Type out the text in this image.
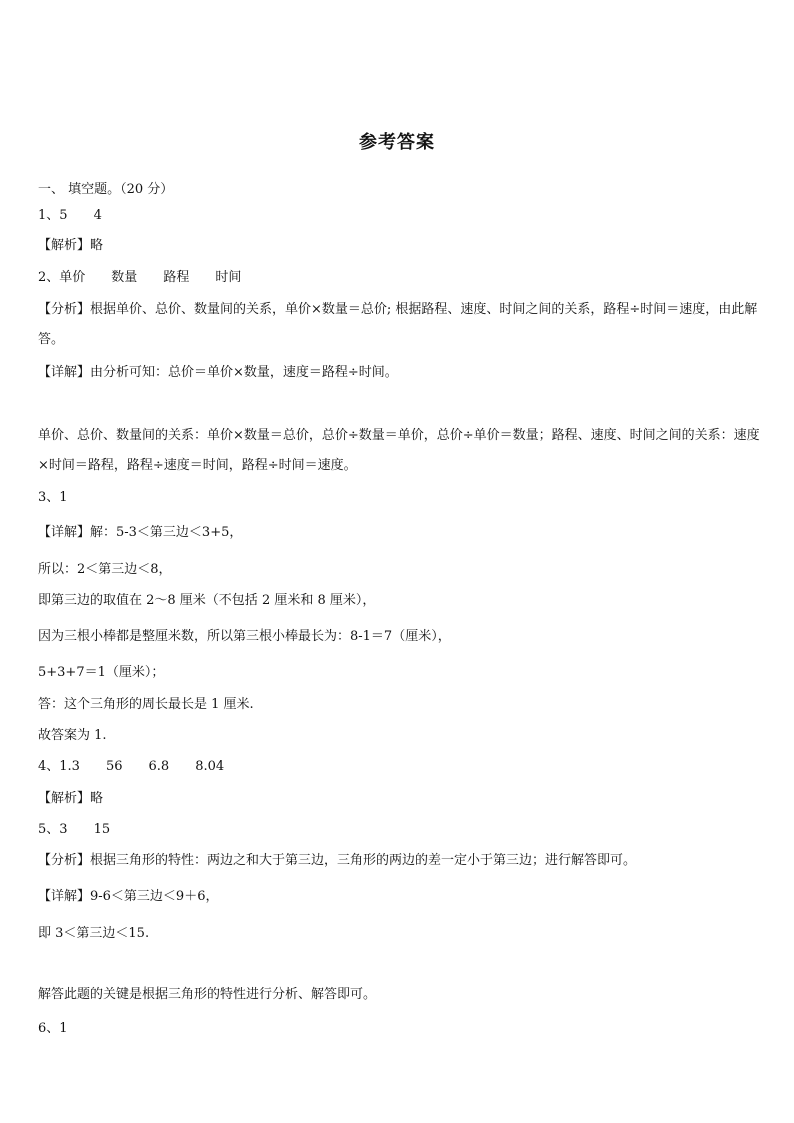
参考答案
一、 填空题。（20 分）
1、5 4
【解析】略
2、单价 数量 路程 时间
【分析】根据单价、总价、数量间的关系，单价×数量＝总价; 根据路程、速度、时间之间的关系，路程÷时间＝速度，由此解答。
【详解】由分析可知：总价＝单价×数量，速度＝路程÷时间。
单价、总价、数量间的关系：单价×数量＝总价，总价÷数量＝单价，总价÷单价＝数量；路程、速度、时间之间的关系：速度×时间＝路程，路程÷速度＝时间，路程÷时间＝速度。
3、1
【详解】解：5-3＜第三边＜3+5，
所以：2＜第三边＜8，
即第三边的取值在 2～8 厘米（不包括 2 厘米和 8 厘米），
因为三根小棒都是整厘米数，所以第三根小棒最长为：8-1＝7（厘米），
5+3+7＝1（厘米）；
答：这个三角形的周长最长是 1 厘米.
故答案为 1.
4、1.3 56 6.8 8.04
【解析】略
5、3 15
【分析】根据三角形的特性：两边之和大于第三边，三角形的两边的差一定小于第三边；进行解答即可。
【详解】9-6＜第三边＜9＋6，
即 3＜第三边＜15.
解答此题的关键是根据三角形的特性进行分析、解答即可。
6、1
